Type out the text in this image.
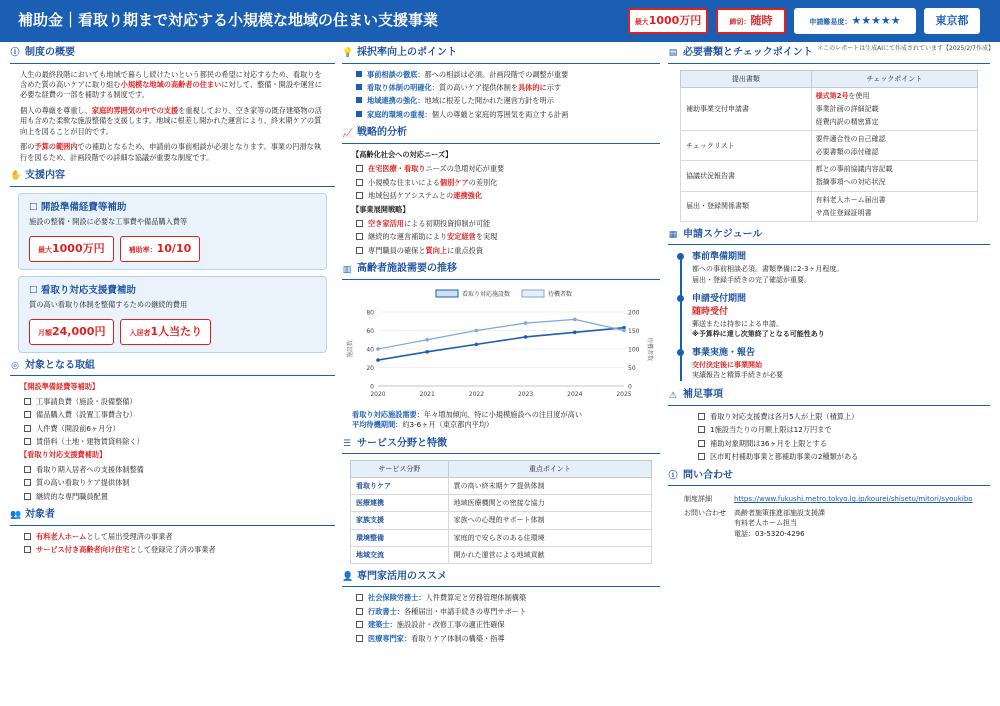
補助金｜看取り期まで対応する小規模な地域の住まい支援事業	最大1000万円	締切：随時	申請難易度：★★★★★	東京都
＊このレポートは生成AIにて作成されています【2025/2/7作成】
ⓘ 制度の概要

人生の最終段階においても地域で暮らし続けたいという都民の希望に対応するため、看取りを含めた質の高いケアに取り組む小規模な地域の高齢者の住まいに対して、整備・開設や運営に必要な経費の一部を補助する制度です。

個人の尊厳を尊重し、家庭的雰囲気の中での支援を重視しており、空き家等の既存建築物の活用も含めた柔軟な施設整備を支援します。地域に根差し開かれた運営により、終末期ケアの質向上を図ることが目的です。

都の予算の範囲内での補助となるため、申請前の事前相談が必須となります。事業の円滑な執行を図るため、計画段階での詳細な協議が重要な制度です。

✋ 支援内容
☐ 開設準備経費等補助
施設の整備・開設に必要な工事費や備品購入費等
最大1000万円	補助率：10/10
☐ 看取り対応支援費補助
質の高い看取り体制を整備するための継続的費用
月額24,000円	入居者1人当たり
◎ 対象となる取組
【開設準備経費等補助】
工事請負費（施設・設備整備）
備品購入費（設置工事費含む）
人件費（開設前6ヶ月分）
賃借料（土地・建物賃貸料除く）
【看取り対応支援費補助】
看取り期入居者への支援体制整備
質の高い看取りケア提供体制
継続的な専門職員配置
👥 対象者
有料老人ホームとして届出受理済の事業者
サービス付き高齢者向け住宅として登録完了済の事業者
💡 採択率向上のポイント
事前相談の徹底：都への相談は必須。計画段階での調整が重要
看取り体制の明確化：質の高いケア提供体制を具体的に示す
地域連携の強化：地域に根差した開かれた運営方針を明示
家庭的環境の重視：個人の尊厳と家庭的雰囲気を両立する計画
📈 戦略的分析
【高齢化社会への対応ニーズ】
在宅医療・看取りニーズの急増対応が重要
小規模な住まいによる個別ケアの差別化
地域包括ケアシステムとの連携強化
【事業展開戦略】
空き家活用による初期投資抑制が可能
継続的な運営補助により安定経営を実現
専門職員の確保と質向上に重点投資
▥ 高齢者施設需要の推移
0
20
40
60
80
0
50
100
150
200
2020	2021	2022	2023	2024	2025
施設数	待機者数
看取り対応施設数	待機者数

看取り対応施設需要：年々増加傾向、特に小規模施設への注目度が高い

平均待機期間：約3-6ヶ月（東京都内平均）

☰ サービス分野と特徴
サービス分野	重点ポイント
看取りケア	質の高い終末期ケア提供体制
医療連携	地域医療機関との密接な協力
家族支援	家族への心理的サポート体制
環境整備	家庭的で安らぎのある住環境
地域交流	開かれた運営による地域貢献
👤 専門家活用のススメ
社会保険労務士：人件費算定と労務管理体制構築
行政書士：各種届出・申請手続きの専門サポート
建築士：施設設計・改修工事の適正性確保
医療専門家：看取りケア体制の構築・指導
▤ 必要書類とチェックポイント
提出書類	チェックポイント
補助事業交付申請書	様式第2号を使用
事業計画の詳細記載
経費内訳の精密算定

チェックリスト	要件適合性の自己確認
必要書類の添付確認

協議状況報告書	都との事前協議内容記載
指摘事項への対応状況

届出・登録関係書類	有料老人ホーム届出書
サ高住登録証明書
▦ 申請スケジュール
事前準備期間
都への事前相談必須。書類準備に2-3ヶ月程度。
届出・登録手続きの完了確認が重要。
申請受付期間
随時受付
郵送または持参による申請。
※予算枠に達し次第終了となる可能性あり
事業実施・報告
交付決定後に事業開始
実績報告と精算手続きが必要
⚠ 補足事項
看取り対応支援費は各月5人が上限（積算上）
1施設当たりの月額上限は12万円まで
補助対象期間は36ヶ月を上限とする
区市町村補助事業と都補助事業の2種類がある
ⓘ 問い合わせ
制度詳細	https://www.fukushi.metro.tokyo.lg.jp/kourei/shisetu/mitori/syoukibo
お問い合わせ	高齢者施策推進部施設支援課
有料老人ホーム担当
電話：03-5320-4296
